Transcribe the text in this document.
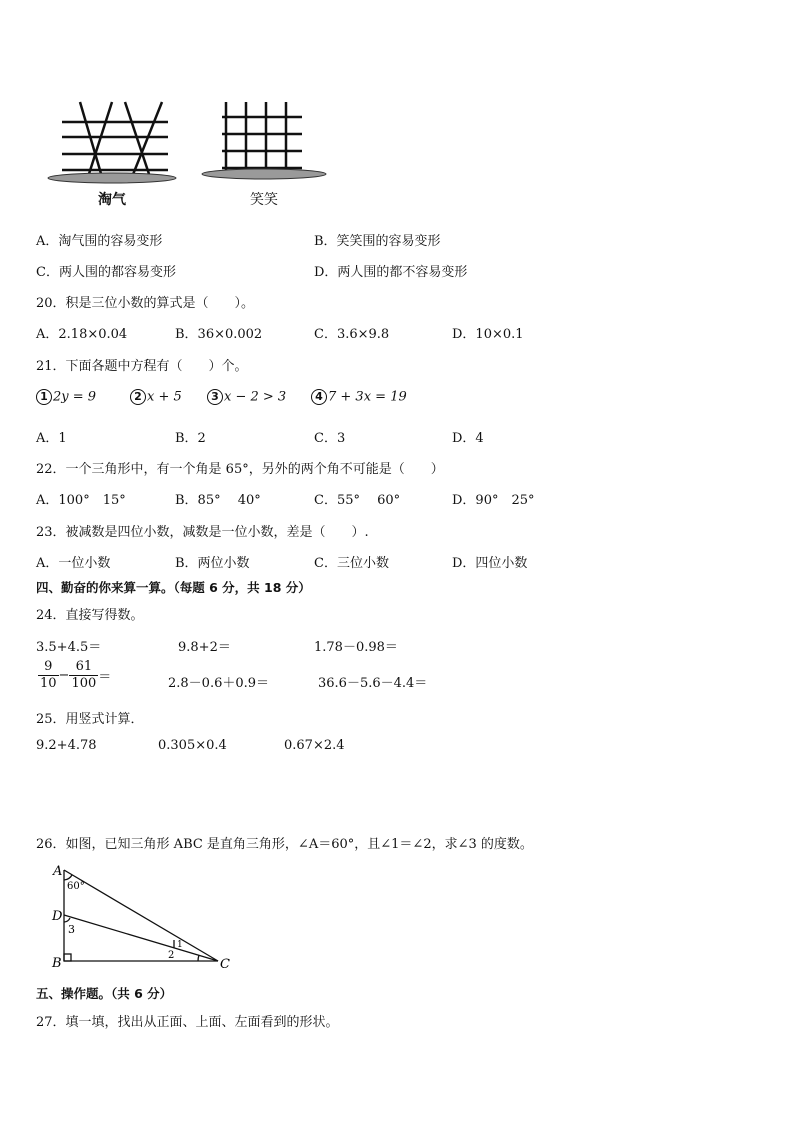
淘气	笑笑
A．淘气围的容易变形	B．笑笑围的容易变形
C．两人围的都容易变形	D．两人围的都不容易变形
20．积是三位小数的算式是（　　）。
A．2.18×0.04	B．36×0.002	C．3.6×9.8	D．10×0.1
21．下面各题中方程有（　　）个。
1 2y = 9	2 x + 5	3 x − 2 > 3	4 7 + 3x = 19
A．1	B．2	C．3	D．4
22．一个三角形中，有一个角是 65°，另外的两个角不可能是（　　）
A．100°　15°	B．85°　 40°	C．55°　 60°	D．90°　25°
23．被减数是四位小数，减数是一位小数，差是（　　）.
A．一位小数	B．两位小数	C．三位小数	D．四位小数
四、勤奋的你来算一算。（每题 6 分，共 18 分）
24．直接写得数。
3.5+4.5＝	9.8+2＝	1.78－0.98＝
$\frac{9}{10} - \frac{61}{100}$ ＝	2.8－0.6＋0.9＝	36.6－5.6－4.4＝
25．用竖式计算．
9.2+4.78	0.305×0.4	0.67×2.4
26．如图，已知三角形 ABC 是直角三角形，∠A＝60°，且∠1＝∠2，求∠3 的度数。
A
60°
D
3
B
1
2
C
五、操作题。（共 6 分）
27．填一填，找出从正面、上面、左面看到的形状。
